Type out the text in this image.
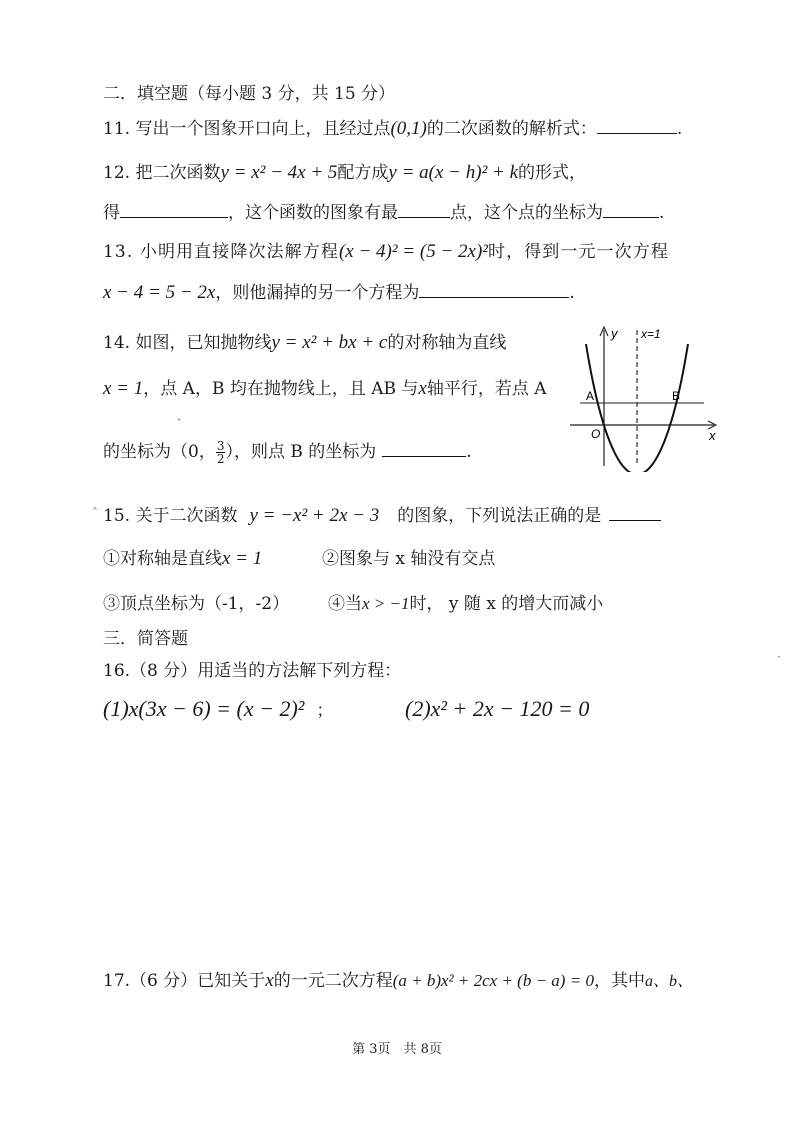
二．填空题（每小题 3 分，共 15 分）
11. 写出一个图象开口向上，且经过点(0,1)的二次函数的解析式：	.
12. 把二次函数y = x² − 4x + 5配方成y = a(x − h)² + k的形式，
得	，这个函数的图象有最	点，这个点的坐标为	.
13. 小明用直接降次法解方程(x − 4)² = (5 − 2x)²时，得到一元一次方程
x − 4 = 5 − 2x，则他漏掉的另一个方程为	.
14. 如图，已知抛物线y = x² + bx + c的对称轴为直线
x = 1，点 A，B 均在抛物线上，且 AB 与x轴平行，若点 A
的坐标为（0， $\frac{3}{2}$ ），则点 B 的坐标为	.
y x=1
x
O
A	B
15. 关于二次函数 y = −x² + 2x − 3 的图象，下列说法正确的是
①对称轴是直线x = 1	②图象与 x 轴没有交点
③顶点坐标为（-1，-2） ④当x > −1时， y 随 x 的增大而减小
三．简答题
16.（8 分）用适当的方法解下列方程：
(1)x(3x − 6) = (x − 2)² ；	(2)x² + 2x − 120 = 0
17.（6 分）已知关于x的一元二次方程(a + b)x² + 2cx + (b − a) = 0，其中a、b、
ˇ
ˆ
·
第 3页　共 8页
